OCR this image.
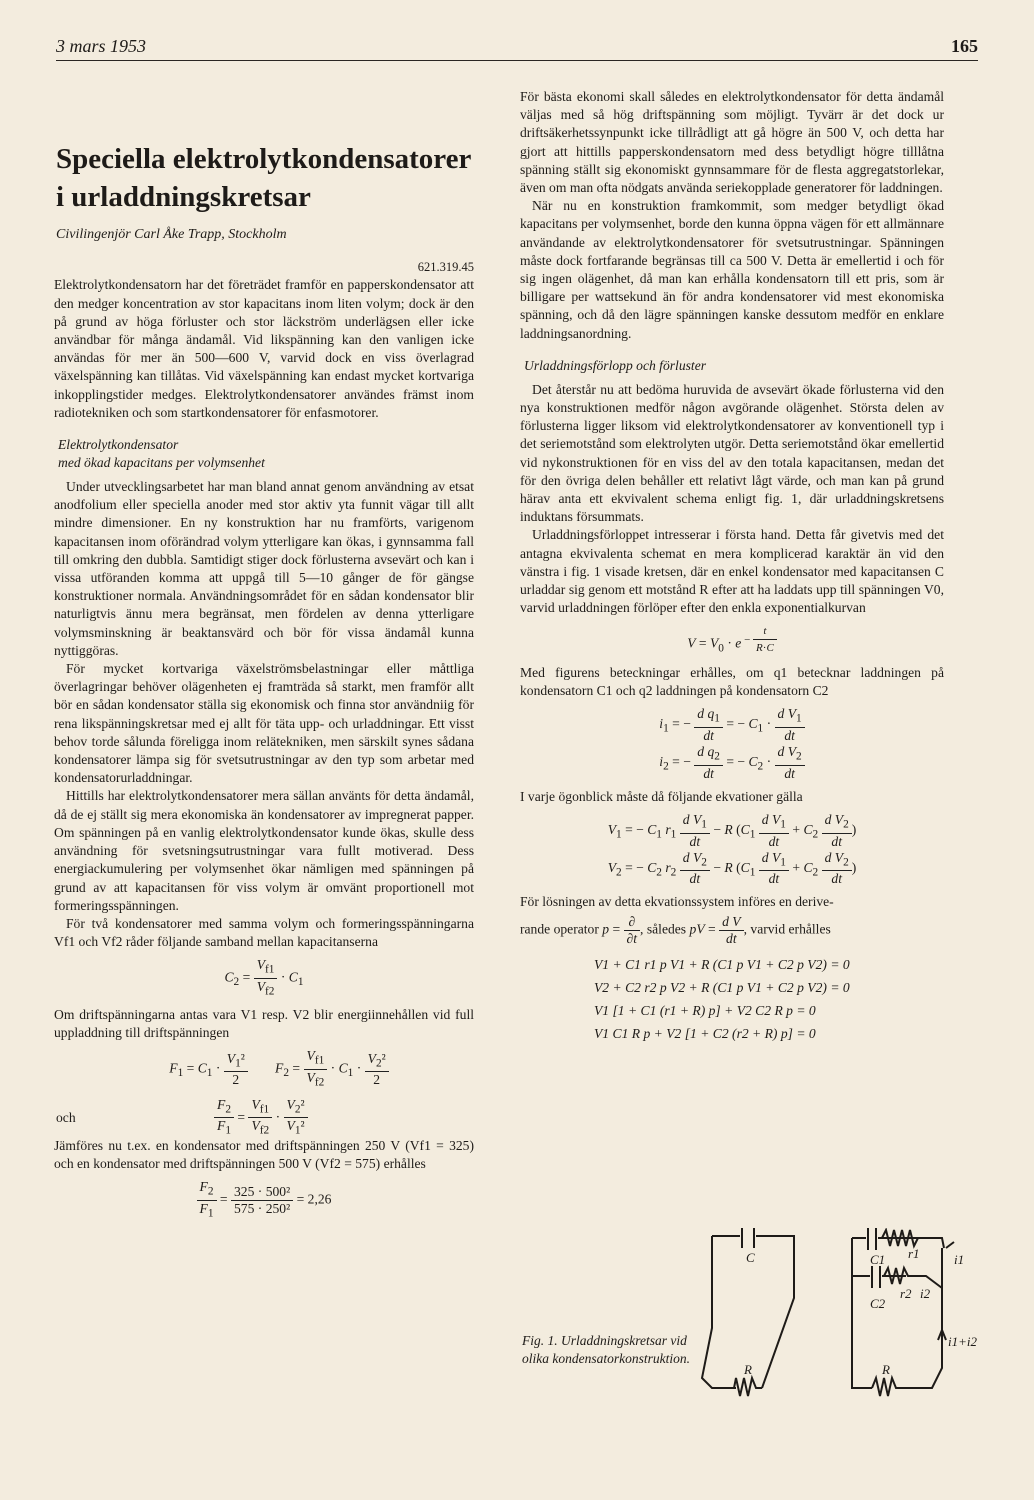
3 mars 1953	165
Speciella elektrolytkondensatorer i urladdningskretsar
Civilingenjör Carl Åke Trapp, Stockholm
621.319.45

Elektrolytkondensatorn har det företrädet framför en papperskondensator att den medger koncentration av stor kapacitans inom liten volym; dock är den på grund av höga förluster och stor läckström underlägsen eller icke användbar för många ändamål. Vid likspänning kan den vanligen icke användas för mer än 500—600 V, varvid dock en viss överlagrad växelspänning kan tillåtas. Vid växelspänning kan endast mycket kortvariga inkopplingstider medges. Elektrolytkondensatorer användes främst inom radiotekniken och som startkondensatorer för enfasmotorer.

Elektrolytkondensator
med ökad kapacitans per volymsenhet

Under utvecklingsarbetet har man bland annat genom användning av etsat anodfolium eller speciella anoder med stor aktiv yta funnit vägar till allt mindre dimensioner. En ny konstruktion har nu framförts, varigenom kapacitansen inom oförändrad volym ytterligare kan ökas, i gynnsamma fall till omkring den dubbla. Samtidigt stiger dock förlusterna avsevärt och kan i vissa utföranden komma att uppgå till 5—10 gånger de för gängse konstruktioner normala. Användningsområdet för en sådan kondensator blir naturligtvis ännu mera begränsat, men fördelen av denna ytterligare volymsminskning är beaktansvärd och bör för vissa ändamål kunna nyttiggöras.

För mycket kortvariga växelströmsbelastningar eller måttliga överlagringar behöver olägenheten ej framträda så starkt, men framför allt bör en sådan kondensator ställa sig ekonomisk och finna stor användniig för rena likspänningskretsar med ej allt för täta upp- och urladdningar. Ett visst behov torde sålunda föreligga inom relätekniken, men särskilt synes sådana kondensatorer lämpa sig för svetsutrustningar av den typ som arbetar med kondensatorurladdningar.

Hittills har elektrolytkondensatorer mera sällan använts för detta ändamål, då de ej ställt sig mera ekonomiska än kondensatorer av impregnerat papper. Om spänningen på en vanlig elektrolytkondensator kunde ökas, skulle dess användning för svetsningsutrustningar vara fullt motiverad. Dess energiackumulering per volymsenhet ökar nämligen med spänningen på grund av att kapacitansen för viss volym är omvänt proportionell mot formeringsspänningen.

För två kondensatorer med samma volym och formeringsspänningarna Vf1 och Vf2 råder följande samband mellan kapacitanserna

$C_2 = \frac{V_{f1}}{V_{f2}} \cdot C_1$

Om driftspänningarna antas vara V1 resp. V2 blir energiinnehållen vid full uppladdning till driftspänningen

$F_1 = C_1 \cdot \frac{V_1^2}{2} F_2 = \frac{V_{f1}}{V_{f2}} \cdot C_1 \cdot \frac{V_2^2}{2}$
och	$\frac{F_2}{F_1} = \frac{V_{f1}}{V_{f2}} \cdot \frac{V_2^2}{V_1^2}$

Jämföres nu t.ex. en kondensator med driftspänningen 250 V (Vf1 = 325) och en kondensator med driftspänningen 500 V (Vf2 = 575) erhålles

$\frac{F_2}{F_1} = \frac{\text{325 · 500²}}{\text{575 · 250²}} = 2,26$

För bästa ekonomi skall således en elektrolytkondensator för detta ändamål väljas med så hög driftspänning som möjligt. Tyvärr är det dock ur driftsäkerhetssynpunkt icke tillrådligt att gå högre än 500 V, och detta har gjort att hittills papperskondensatorn med dess betydligt högre tilllåtna spänning ställt sig ekonomiskt gynnsammare för de flesta aggregatstorlekar, även om man ofta nödgats använda seriekopplade generatorer för laddningen.

När nu en konstruktion framkommit, som medger betydligt ökad kapacitans per volymsenhet, borde den kunna öppna vägen för ett allmännare användande av elektrolytkondensatorer för svetsutrustningar. Spänningen måste dock fortfarande begränsas till ca 500 V. Detta är emellertid i och för sig ingen olägenhet, då man kan erhålla kondensatorn till ett pris, som är billigare per wattsekund än för andra kondensatorer vid mest ekonomiska spänning, och då den lägre spänningen kanske dessutom medför en enklare laddningsanordning.

Urladdningsförlopp och förluster

Det återstår nu att bedöma huruvida de avsevärt ökade förlusterna vid den nya konstruktionen medför någon avgörande olägenhet. Största delen av förlusterna ligger liksom vid elektrolytkondensatorer av konventionell typ i det seriemotstånd som elektrolyten utgör. Detta seriemotstånd ökar emellertid vid nykonstruktionen för en viss del av den totala kapacitansen, medan det för den övriga delen behåller ett relativt lågt värde, och man kan på grund härav anta ett ekvivalent schema enligt fig. 1, där urladdningskretsens induktans försummats.

Urladdningsförloppet intresserar i första hand. Detta får givetvis med det antagna ekvivalenta schemat en mera komplicerad karaktär än vid den vänstra i fig. 1 visade kretsen, där en enkel kondensator med kapacitansen C urladdar sig genom ett motstånd R efter att ha laddats upp till spänningen V0, varvid urladdningen förlöper efter den enkla exponentialkurvan

$V = V_0 \cdot e$ $^{- \frac{t}{R\cdot C}}$

Med figurens beteckningar erhålles, om q1 betecknar laddningen på kondensatorn C1 och q2 laddningen på kondensatorn C2

$i_1$ = − $\frac{d q_1}{dt}$ = − $C_1 \cdot \frac{d V_1}{dt}$
$i_2$ = − $\frac{d q_2}{dt}$ = − $C_2 \cdot \frac{d V_2}{dt}$

I varje ögonblick måste då följande ekvationer gälla

$V_1$ = − $C_1$ $r_1 \frac{d V_1}{dt} - R$ ($C_1 \frac{d V_1}{dt} + C_2 \frac{d V_2}{dt}$ )
$V_2$ = − $C_2$ $r_2 \frac{d V_2}{dt} - R$ ($C_1 \frac{d V_1}{dt} + C_2 \frac{d V_2}{dt}$ )

För lösningen av detta ekvationssystem införes en derive-

rande operator $p = \frac{\partial}{\partial t}$ , således pV = $\frac{\text{d V}}{dt}$ , varvid erhålles
V1 + C1 r1 p V1 + R (C1 p V1 + C2 p V2) = 0
V2 + C2 r2 p V2 + R (C1 p V1 + C2 p V2) = 0
V1 [1 + C1 (r1 + R) p] + V2 C2 R p = 0
V1 C1 R p + V2 [1 + C2 (r2 + R) p] = 0
Fig. 1. Urladdningskretsar vid olika kondensatorkonstruktion.
C
R
C1 r1
C2
r2
R
i1
i2
i1+i2
